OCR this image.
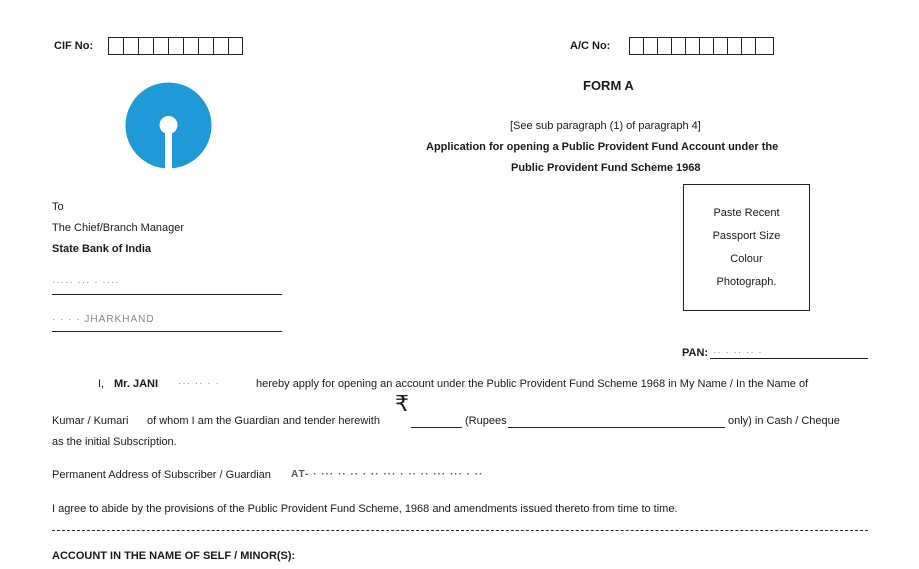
CIF No:	A/C No:
FORM A
[See sub paragraph (1) of paragraph 4]
Application for opening a Public Provident Fund Account under the
Public Provident Fund Scheme 1968
Paste Recent
Passport Size
Colour
Photograph.
To
The Chief/Branch Manager
State Bank of India
····· ··· · ····
· · · · JHARKHAND
PAN: ·· · ·· ·· ·
I, Mr. JANI ··· ·· · ·	hereby apply for opening an account under the Public Provident Fund Scheme 1968 in My Name / In the Name of
Kumar / Kumari of whom I am the Guardian and tender herewith
₹
(Rupees	only) in Cash / Cheque
as the initial Subscription.
Permanent Address of Subscriber / Guardian AT- · ··· ·· ·· · ·· ··· · ·· ·· ··· ··· · ··
I agree to abide by the provisions of the Public Provident Fund Scheme, 1968 and amendments issued thereto from time to time.
ACCOUNT IN THE NAME OF SELF / MINOR(S):
